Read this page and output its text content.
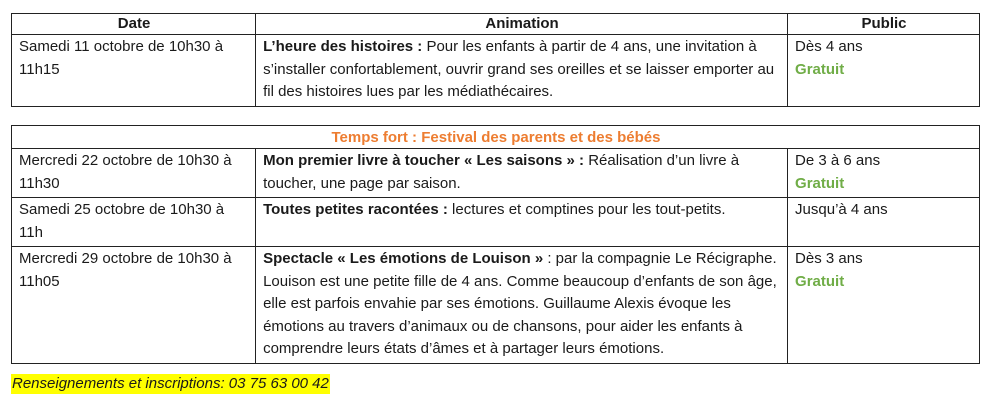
Date	Animation	Public
Samedi 11 octobre de 10h30 à 11h15	L’heure des histoires : Pour les enfants à partir de 4 ans, une invitation à s’installer confortablement, ouvrir grand ses oreilles et se laisser emporter au fil des histoires lues par les médiathécaires.	Dès 4 ans
Gratuit
Temps fort : Festival des parents et des bébés		
Mercredi 22 octobre de 10h30 à 11h30	Mon premier livre à toucher « Les saisons » : Réalisation d’un livre à toucher, une page par saison.	De 3 à 6 ans
Gratuit

Samedi 25 octobre de 10h30 à 11h	Toutes petites racontées : lectures et comptines pour les tout-petits.	Jusqu’à 4 ans

Mercredi 29 octobre de 10h30 à 11h05	Spectacle « Les émotions de Louison » : par la compagnie Le Récigraphe. Louison est une petite fille de 4 ans. Comme beaucoup d’enfants de son âge, elle est parfois envahie par ses émotions. Guillaume Alexis évoque les émotions au travers d’animaux ou de chansons, pour aider les enfants à comprendre leurs états d’âmes et à partager leurs émotions.	Dès 3 ans
Gratuit
Renseignements et inscriptions: 03 75 63 00 42
